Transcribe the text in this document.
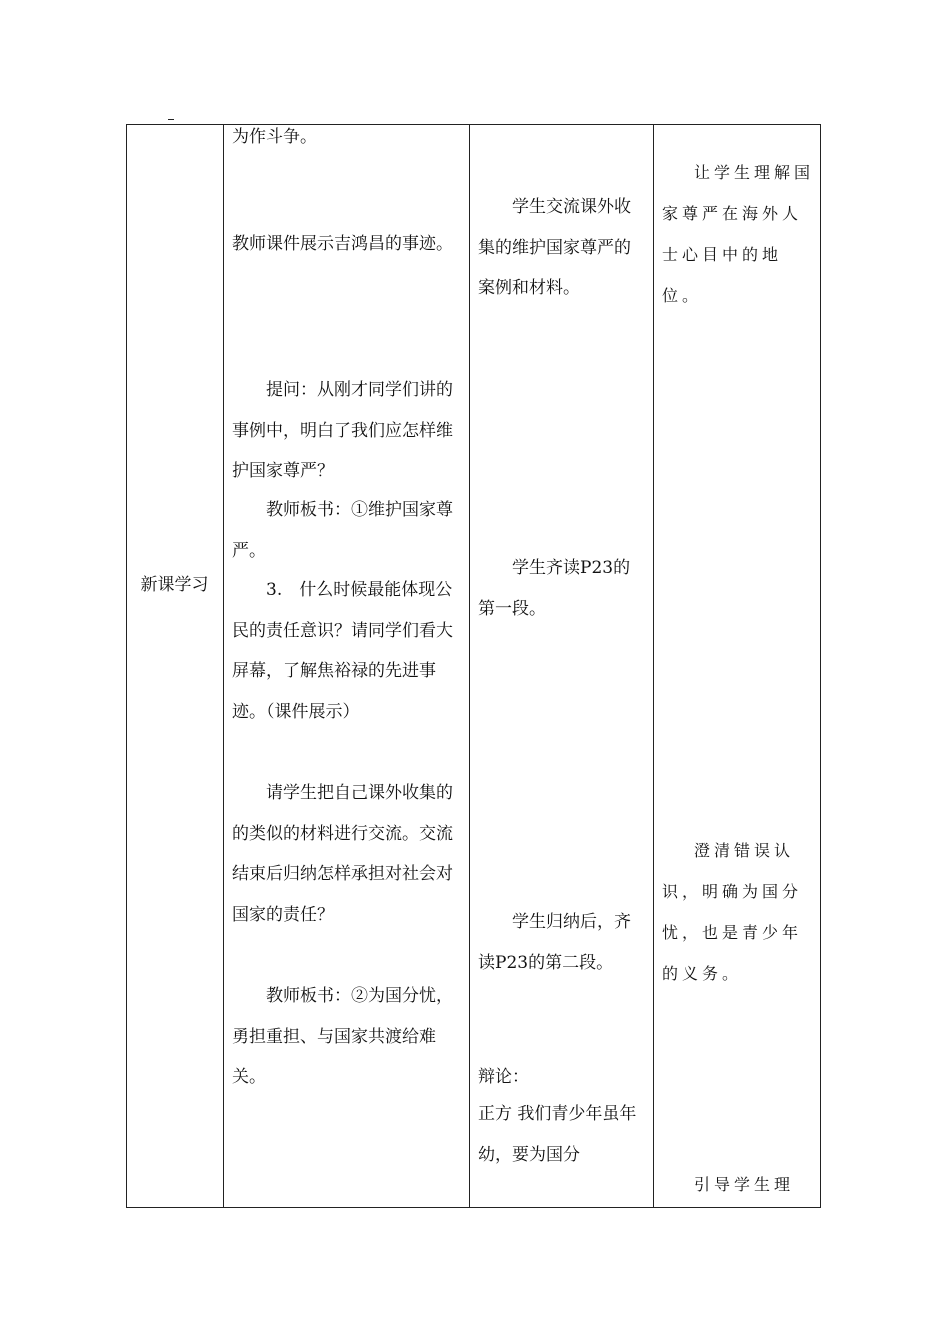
新课学习
为作斗争。
教师课件展示吉鸿昌的事迹。
提问：从刚才同学们讲的事例中，明白了我们应怎样维护国家尊严？
教师板书：①维护国家尊严。
3.　什么时候最能体现公民的责任意识？请同学们看大屏幕，了解焦裕禄的先进事迹。（课件展示）
请学生把自己课外收集的的类似的材料进行交流。交流结束后归纳怎样承担对社会对国家的责任？
教师板书：②为国分忧，勇担重担、与国家共渡给难关。
学生交流课外收集的维护国家尊严的案例和材料。
学生齐读P23的第一段。
学生归纳后，齐读P23的第二段。
辩论：
正方 我们青少年虽年幼，要为国分
让学生理解国家尊严在海外人士心目中的地位。
澄清错误认识，明确为国分忧，也是青少年的义务。
引导学生理
